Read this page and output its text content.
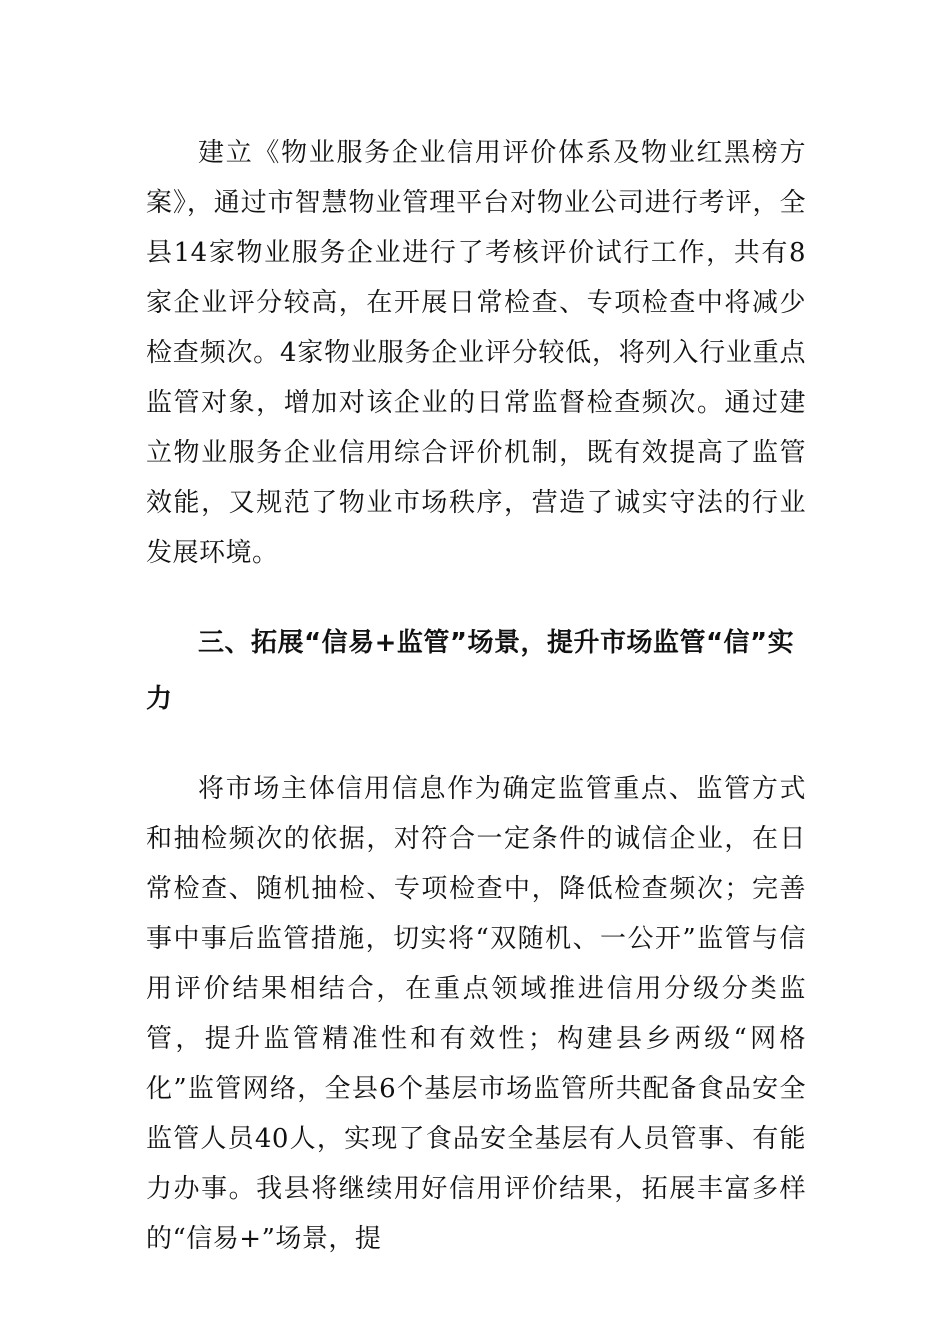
建立《物业服务企业信用评价体系及物业红黑榜方案》，通过市智慧物业管理平台对物业公司进行考评，全县14家物业服务企业进行了考核评价试行工作，共有8家企业评分较高，在开展日常检查、专项检查中将减少检查频次。4家物业服务企业评分较低，将列入行业重点监管对象，增加对该企业的日常监督检查频次。通过建立物业服务企业信用综合评价机制，既有效提高了监管效能，又规范了物业市场秩序，营造了诚实守法的行业发展环境。

三、拓展“信易+监管”场景，提升市场监管“信”实力

将市场主体信用信息作为确定监管重点、监管方式和抽检频次的依据，对符合一定条件的诚信企业，在日常检查、随机抽检、专项检查中，降低检查频次；完善事中事后监管措施，切实将“双随机、一公开”监管与信用评价结果相结合，在重点领域推进信用分级分类监管，提升监管精准性和有效性；构建县乡两级“网格化”监管网络，全县6个基层市场监管所共配备食品安全监管人员40人，实现了食品安全基层有人员管事、有能力办事。我县将继续用好信用评价结果，拓展丰富多样的“信易+”场景，提
